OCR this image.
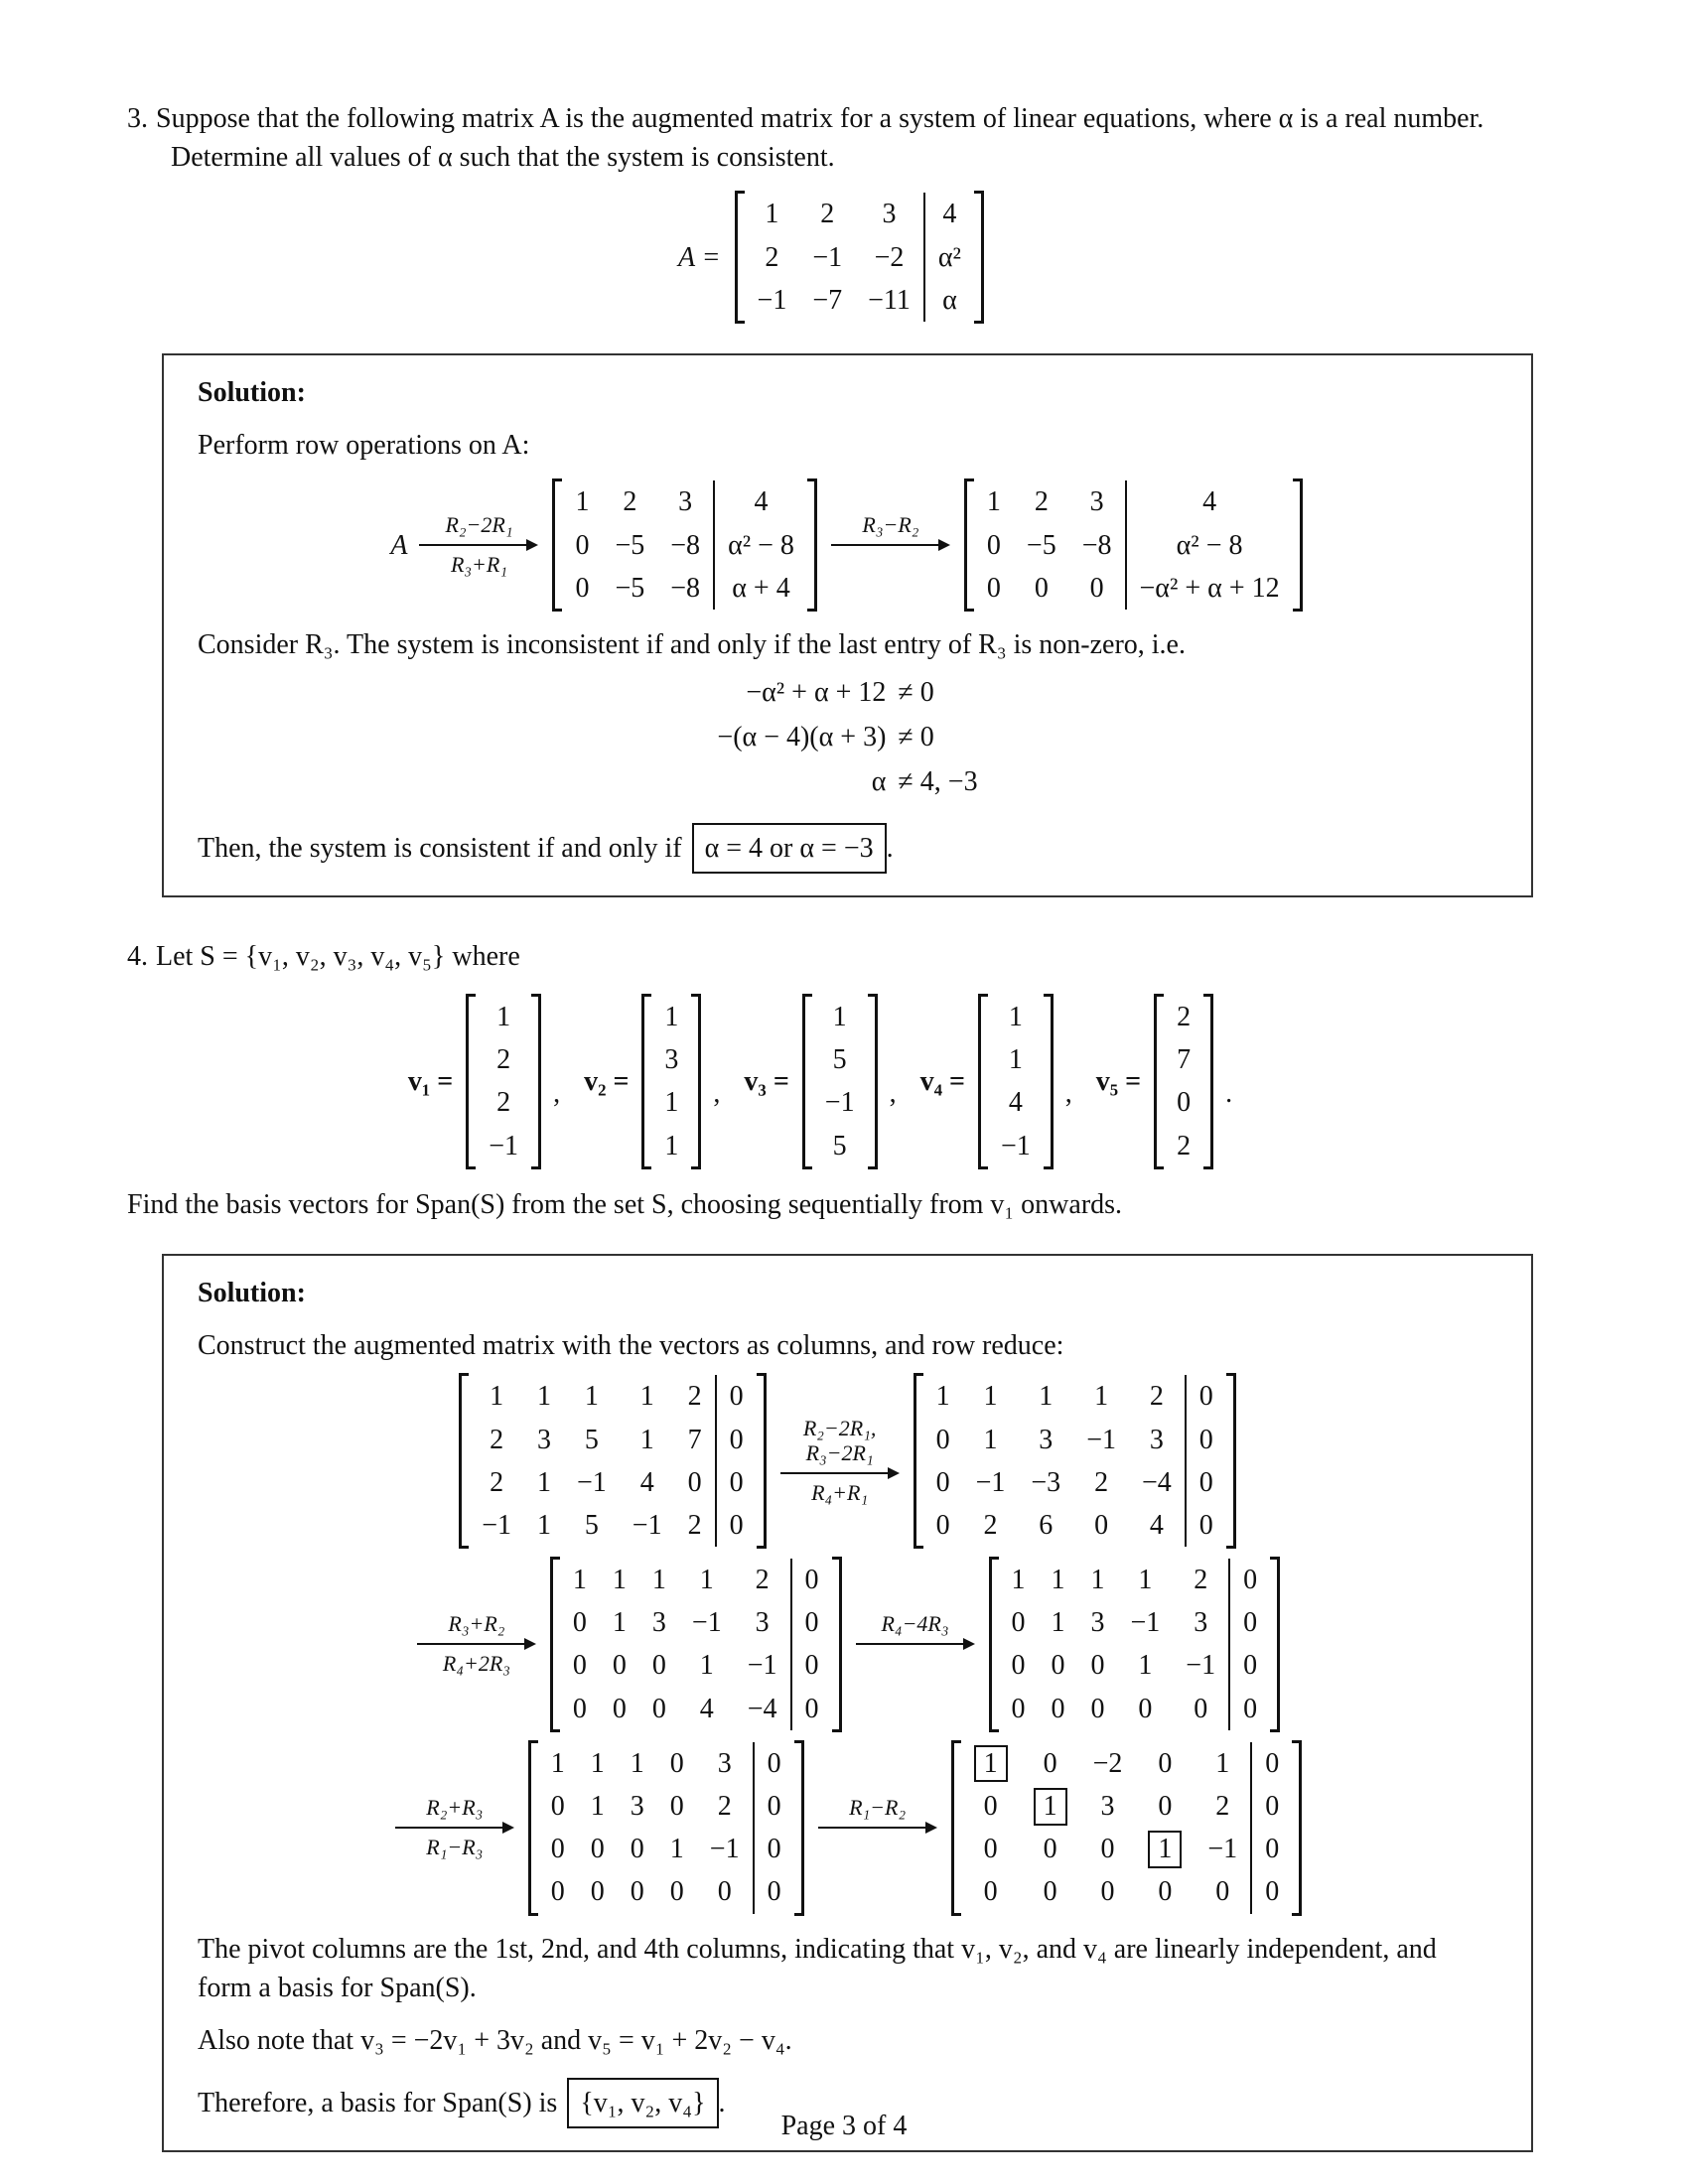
3. Suppose that the following matrix A is the augmented matrix for a system of linear equations, where α is a real number. Determine all values of α such that the system is consistent.

A =
1	2	3	4
2	−1	−2	α²
−1	−7	−11	α

Solution:

Perform row operations on A:

A
R₂−2R₁
R₃+R₁
1	2	3	4
0	−5	−8	α² − 8
0	−5	−8	α + 4
R₃−R₂
1	2	3	4
0	−5	−8	α² − 8
0	0	0	−α² + α + 12

Consider R₃. The system is inconsistent if and only if the last entry of R₃ is non-zero, i.e.

−α² + α + 12	≠ 0
−(α − 4)(α + 3)	≠ 0
α	≠ 4, −3

Then, the system is consistent if and only if α = 4 or α = −3 .

4. Let S = {v₁, v₂, v₃, v₄, v₅} where

v₁ =
1
2
2
−1
, v₂ =
1
3
1
1
, v₃ =
1
5
−1
5
, v₄ =
1
1
4
−1
, v₅ =
2
7
0
2
.

Find the basis vectors for Span(S) from the set S, choosing sequentially from v₁ onwards.

Solution:

Construct the augmented matrix with the vectors as columns, and row reduce:

1	1	1	1	2	0
2	3	5	1	7	0
2	1	−1	4	0	0
−1	1	5	−1	2	0
R₂−2R₁,
R₃−2R₁
R₄+R₁
1	1	1	1	2	0
0	1	3	−1	3	0
0	−1	−3	2	−4	0
0	2	6	0	4	0
R₃+R₂
R₄+2R₃
1	1	1	1	2	0
0	1	3	−1	3	0
0	0	0	1	−1	0
0	0	0	4	−4	0
R₄−4R₃
1	1	1	1	2	0
0	1	3	−1	3	0
0	0	0	1	−1	0
0	0	0	0	0	0
R₂+R₃
R₁−R₃
1	1	1	0	3	0
0	1	3	0	2	0
0	0	0	1	−1	0
0	0	0	0	0	0
R₁−R₂
1	0	−2	0	1	0
0	1	3	0	2	0
0	0	0	1	−1	0
0	0	0	0	0	0

The pivot columns are the 1st, 2nd, and 4th columns, indicating that v₁, v₂, and v₄ are linearly independent, and form a basis for Span(S).

Also note that v₃ = −2v₁ + 3v₂ and v₅ = v₁ + 2v₂ − v₄.

Therefore, a basis for Span(S) is {v₁, v₂, v₄} .

Page 3 of 4
